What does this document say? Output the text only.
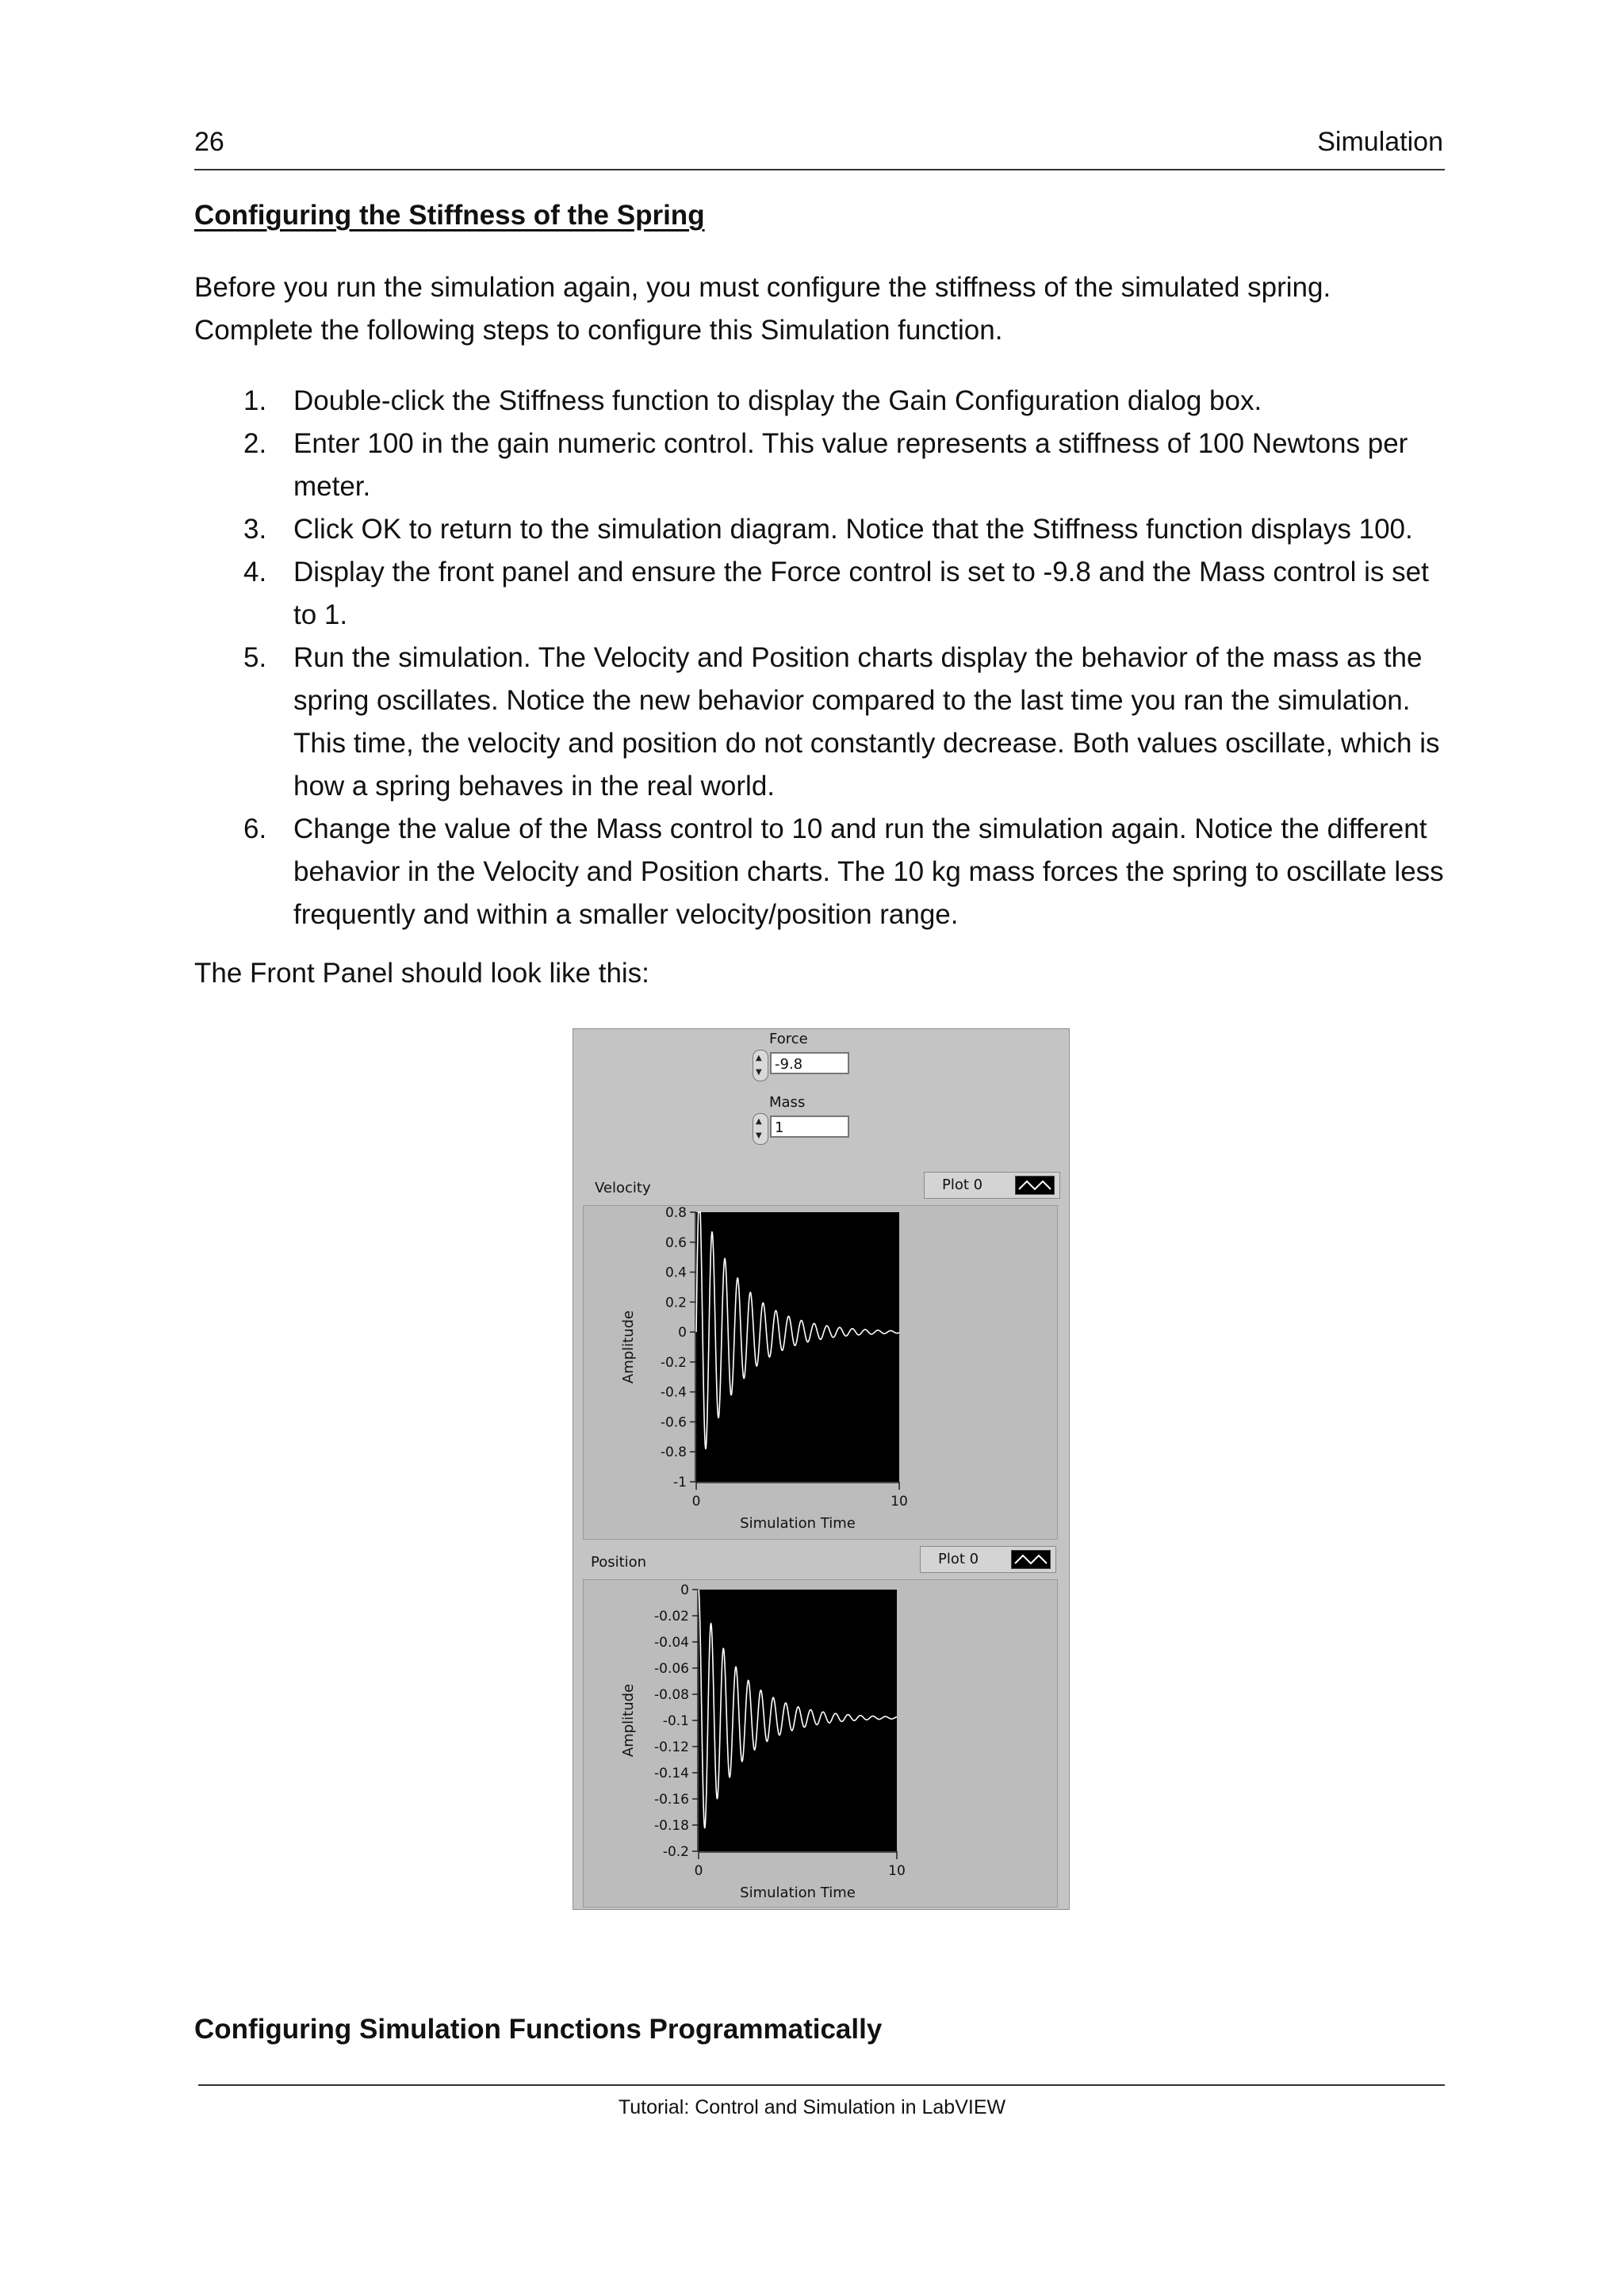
26	Simulation
Configuring the Stiffness of the Spring

Before you run the simulation again, you must configure the stiffness of the simulated spring.

Complete the following steps to configure this Simulation function.

1. Double-click the Stiffness function to display the Gain Configuration dialog box.
2. Enter 100 in the gain numeric control. This value represents a stiffness of 100 Newtons per meter.
3. Click OK to return to the simulation diagram. Notice that the Stiffness function displays 100.
4. Display the front panel and ensure the Force control is set to -9.8 and the Mass control is set to 1.
5. Run the simulation. The Velocity and Position charts display the behavior of the mass as the spring oscillates. Notice the new behavior compared to the last time you ran the simulation. This time, the velocity and position do not constantly decrease. Both values oscillate, which is how a spring behaves in the real world.
6. Change the value of the Mass control to 10 and run the simulation again. Notice the different behavior in the Velocity and Position charts. The 10 kg mass forces the spring to oscillate less frequently and within a smaller velocity/position range.
The Front Panel should look like this:
Force
▲
▼ -9.8
Mass
▲
▼ 1
Velocity	Plot 0
0.8
0.6
0.4
0.2
0
-0.2
-0.4
-0.6
-0.8
-1
0	10
Simulation Time
Amplitude
Position	Plot 0
0
-0.02
-0.04
-0.06
-0.08
-0.1
-0.12
-0.14
-0.16
-0.18
-0.2
0	10
Simulation Time
Amplitude
Configuring Simulation Functions Programmatically
Tutorial: Control and Simulation in LabVIEW
